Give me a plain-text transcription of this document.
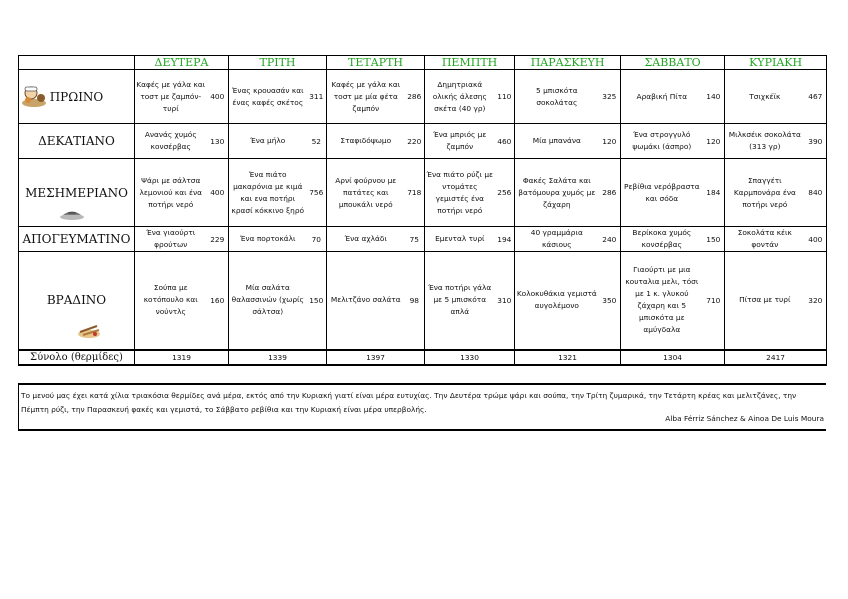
	ΔΕΥΤΕΡΑ		ΤΡΙΤΗ		ΤΕΤΑΡΤΗ		ΠΕΜΠΤΗ		ΠΑΡΑΣΚΕΥΗ		ΣΑΒΒΑΤΟ		ΚΥΡΙΑΚΗ	
ΠΡΩΙΝΟ	Καφές με γάλα και τοστ με ζαμπόν-τυρί	400	Ένας κρουασάν και ένας καφές σκέτος	311	Καφές με γάλα και τοστ με μία φέτα ζαμπόν	286	Δημητριακά ολικής άλεσης σκέτα (40 γρ)	110	5 μπισκότα σοκολάτας	325	Αραβική Πίτα	140	Τσιχκέϊκ	467
ΔΕΚΑΤΙΑΝΟ	Ανανάς χυμός κονσέρβας	130	Ένα μήλο	52	Σταφιδόψωμο	220	Ένα μπριός με ζαμπόν	460	Μία μπανάνα	120	Ένα στρογγυλό ψωμάκι (άσπρο)	120	Μιλκσέικ σοκολάτα (313 γρ)	390
ΜΕΣΗΜΕΡΙΑΝΟ	Ψάρι με σάλτσα λεμονιού και ένα ποτήρι νερό	400	Ένα πιάτο μακαρόνια με κιμά και ενα ποτήρι κρασί κόκκινο ξηρό	756	Αρνί φούρνου με πατάτες και μπουκάλι νερό	718	Ένα πιάτο ρύζι με ντομάτες γεμιστές ένα ποτήρι νερό	256	Φακές Σαλάτα και βατόμουρα χυμός με ζάχαρη	286	Ρεβίθια νερόβραστα και σόδα	184	Σπαγγέτι Καρμπονάρα ένα ποτήρι νερό	840
ΑΠΟΓΕΥΜΑΤΙΝΟ	Ένα γιαούρτι φρούτων	229	Ένα πορτοκάλι	70	Ένα αχλάδι	75	Εμενταλ τυρί	194	40 γραμμάρια κάσιους	240	Βερίκοκα χυμός κονσέρβας	150	Σοκολάτα κέικ φοντάν	400
ΒΡΑΔΙΝΟ	Σούπα με κοτόπουλο και νούντλς	160	Μία σαλάτα θαλασσινών (χωρίς σάλτσα)	150	Μελιτζάνο σαλάτα	98	Ένα ποτήρι γάλα με 5 μπισκότα απλά	310	Κολοκυθάκια γεμιστά αυγολέμονο	350	Γιαούρτι με μια κουταλια μελι, τόσι με 1 κ. γλυκού ζάχαρη και 5 μπισκότα με αμύγδαλα	710	Πίτσα με τυρί	320
Σύνολο (θερμίδες)	1319		1339		1397		1330		1321		1304		2417	
Το μενού μας έχει κατά χίλια τριακόσια θερμίδες ανά μέρα, εκτός από την Κυριακή γιατί είναι μέρα ευτυχίας. Την Δευτέρα τρώμε ψάρι και σούπα, την Τρίτη ζυμαρικά, την Τετάρτη κρέας και μελιτζάνες, την Πέμπτη ρύζι, την Παρασκευή φακές και γεμιστά, το Σάββατο ρεβίθια και την Κυριακή είναι μέρα υπερβολής.
Alba Férriz Sánchez & Ainoa De Luis Moura
